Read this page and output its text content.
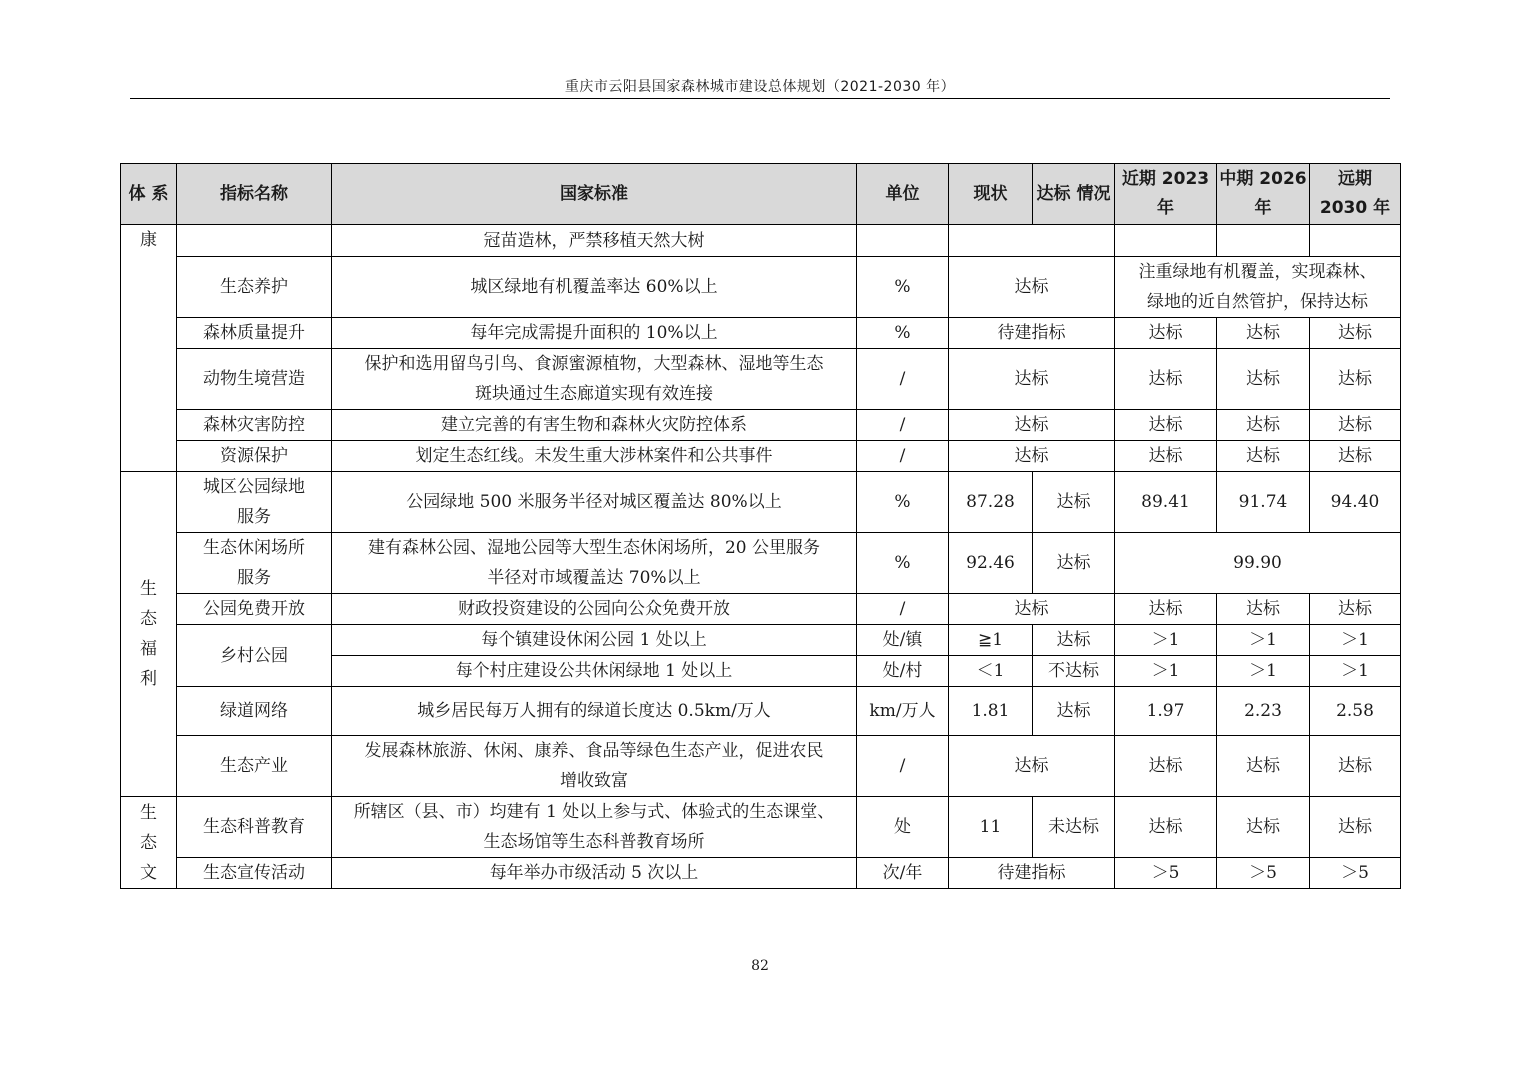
重庆市云阳县国家森林城市建设总体规划（2021-2030 年）
体 系	指标名称	国家标准	单位	现状	达标 情况	近期 2023 年	中期 2026 年	远期 2030 年
康		冠苗造林，严禁移植天然大树						
	生态养护	城区绿地有机覆盖率达 60%以上	%	达标		注重绿地有机覆盖，实现森林、
绿地的近自然管护，保持达标		
	森林质量提升	每年完成需提升面积的 10%以上	%	待建指标		达标	达标	达标
	动物生境营造	保护和选用留鸟引鸟、食源蜜源植物，大型森林、湿地等生态
斑块通过生态廊道实现有效连接	/	达标		达标	达标	达标
	森林灾害防控	建立完善的有害生物和森林火灾防控体系	/	达标		达标	达标	达标
	资源保护	划定生态红线。未发生重大涉林案件和公共事件	/	达标		达标	达标	达标
生
态
福
利	城区公园绿地
服务	公园绿地 500 米服务半径对城区覆盖达 80%以上	%	87.28	达标	89.41	91.74	94.40
	生态休闲场所
服务	建有森林公园、湿地公园等大型生态休闲场所，20 公里服务
半径对市域覆盖达 70%以上	%	92.46	达标	99.90		
	公园免费开放	财政投资建设的公园向公众免费开放	/	达标		达标	达标	达标
	乡村公园	每个镇建设休闲公园 1 处以上	处/镇	≧1	达标	＞1	＞1	＞1
		每个村庄建设公共休闲绿地 1 处以上	处/村	＜1	不达标	＞1	＞1	＞1
	绿道网络	城乡居民每万人拥有的绿道长度达 0.5km/万人	km/万人	1.81	达标	1.97	2.23	2.58
	生态产业	发展森林旅游、休闲、康养、食品等绿色生态产业，促进农民
增收致富	/	达标		达标	达标	达标
生
态
文	生态科普教育	所辖区（县、市）均建有 1 处以上参与式、体验式的生态课堂、
生态场馆等生态科普教育场所	处	11	未达标	达标	达标	达标
	生态宣传活动	每年举办市级活动 5 次以上	次/年	待建指标		＞5	＞5	＞5
82
